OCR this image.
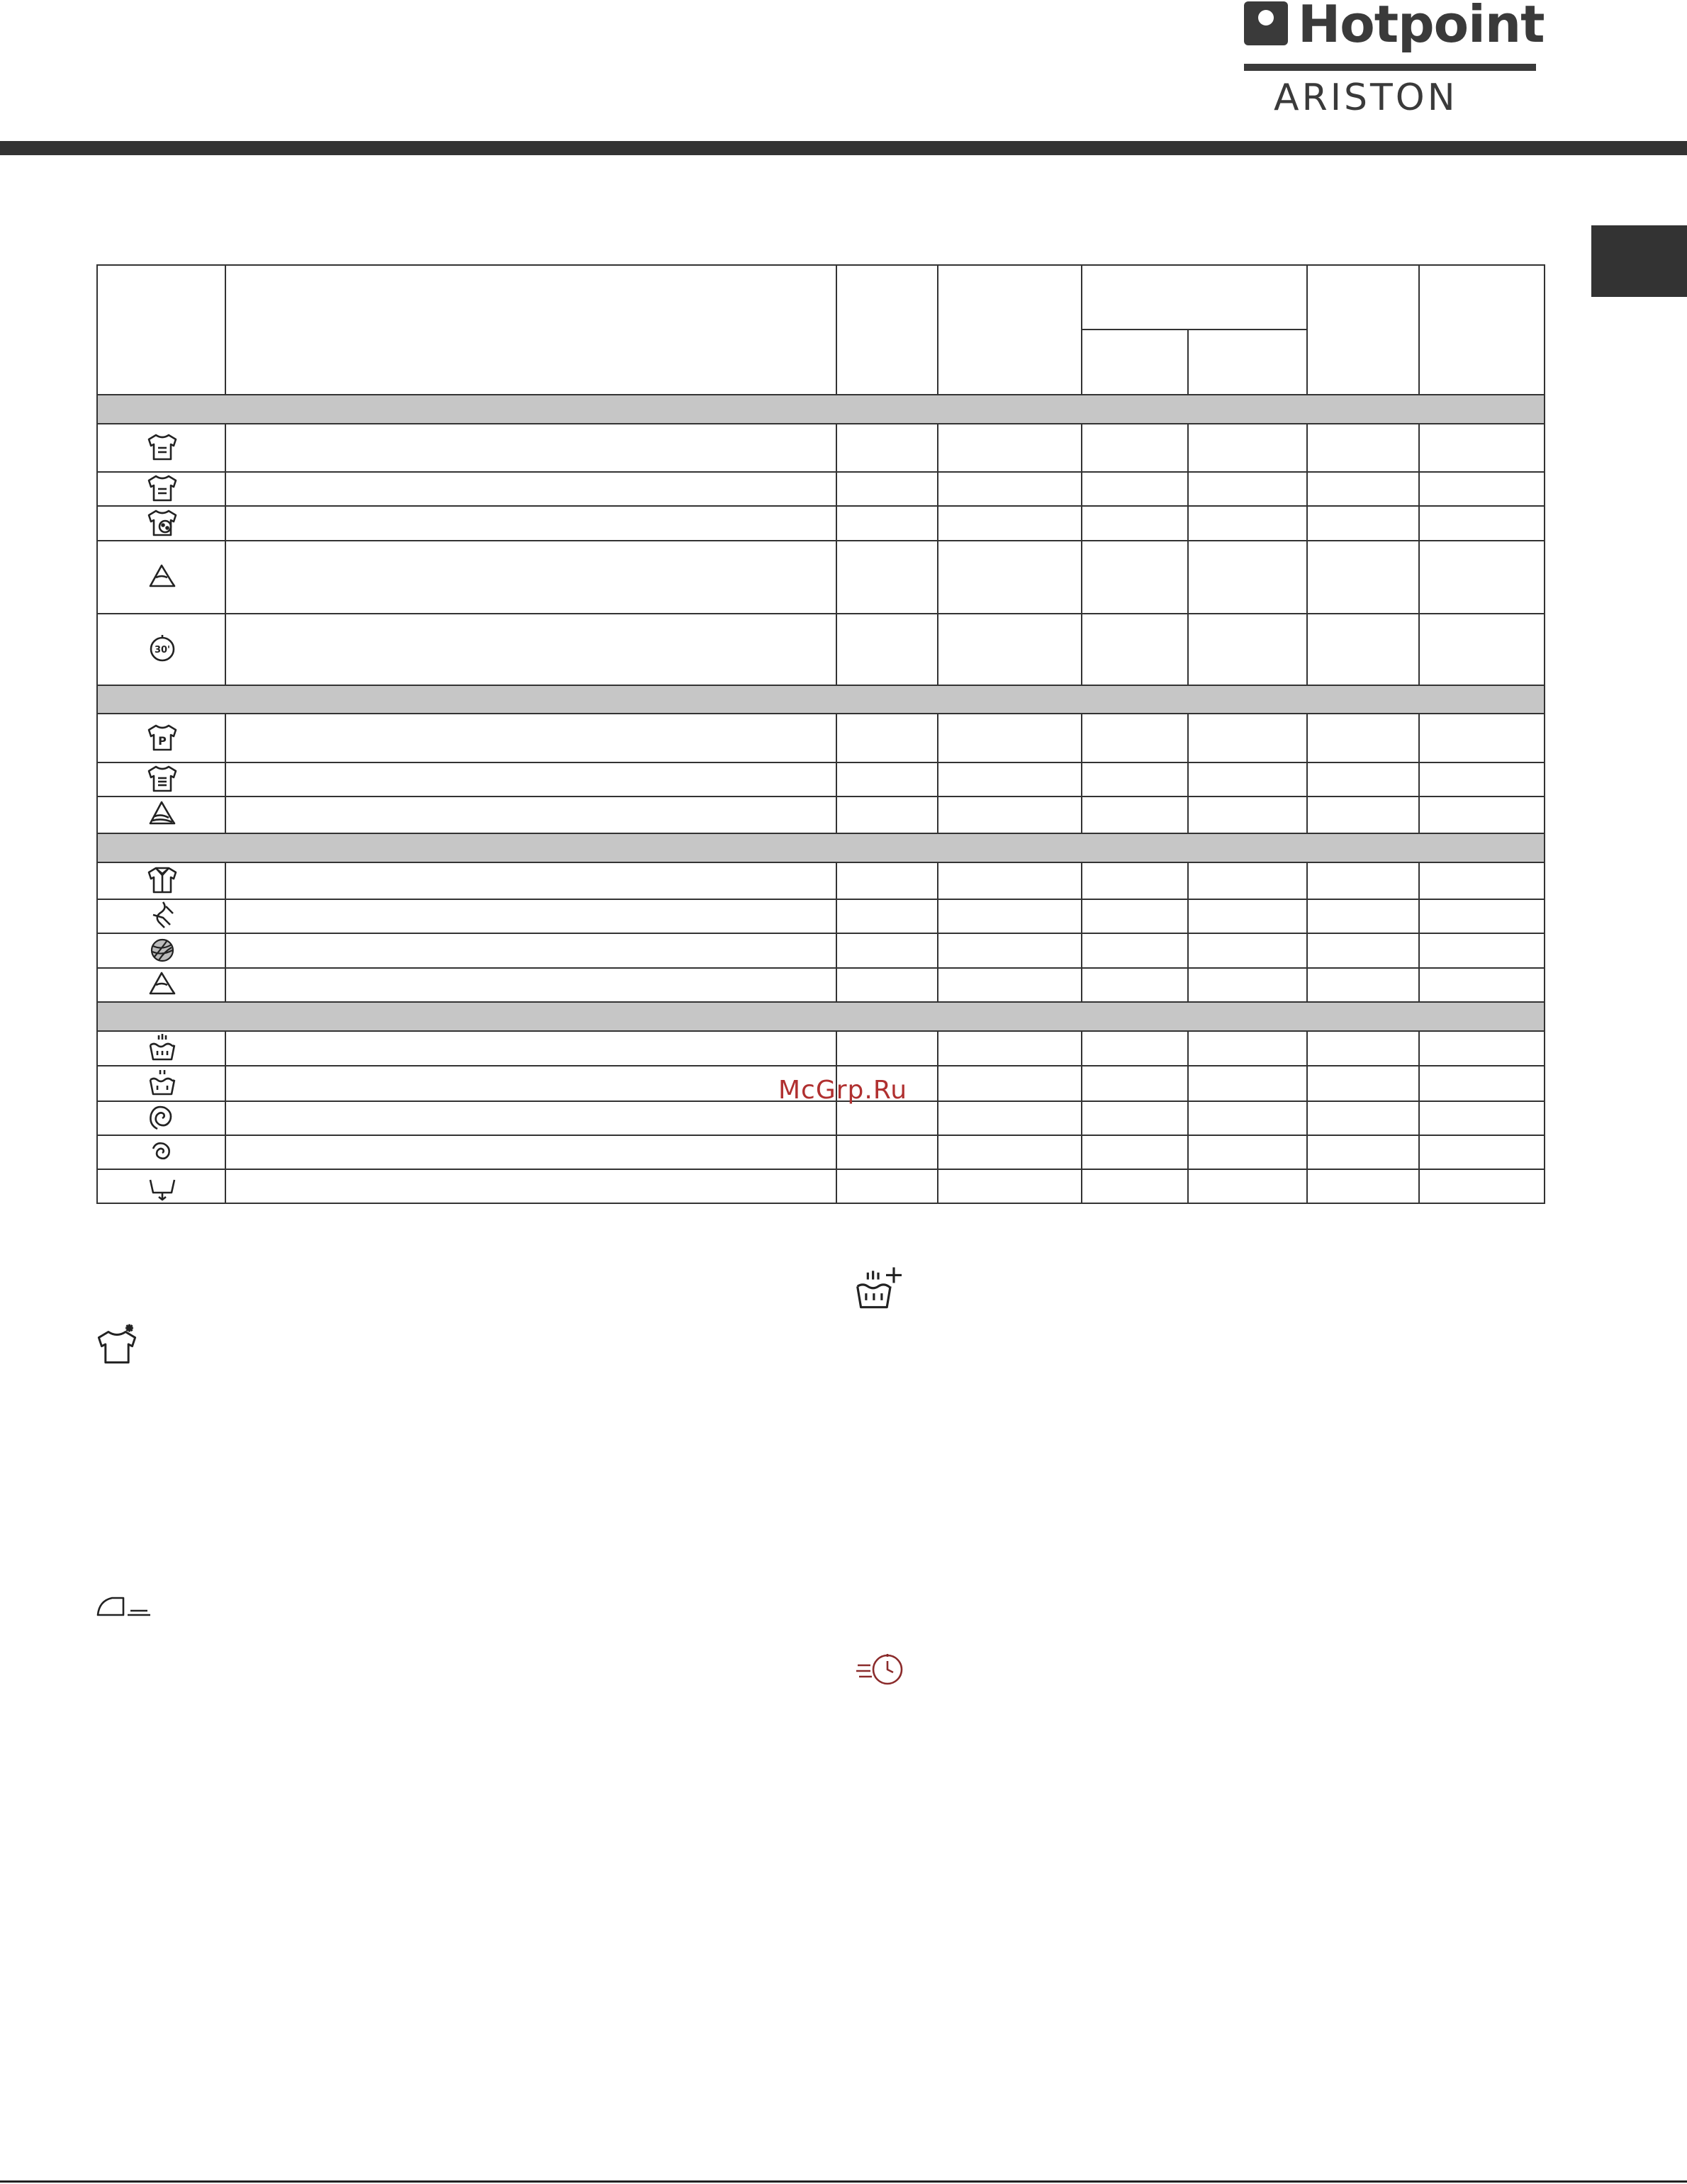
Hotpoint
ARISTON
30'
P
McGrp.Ru
